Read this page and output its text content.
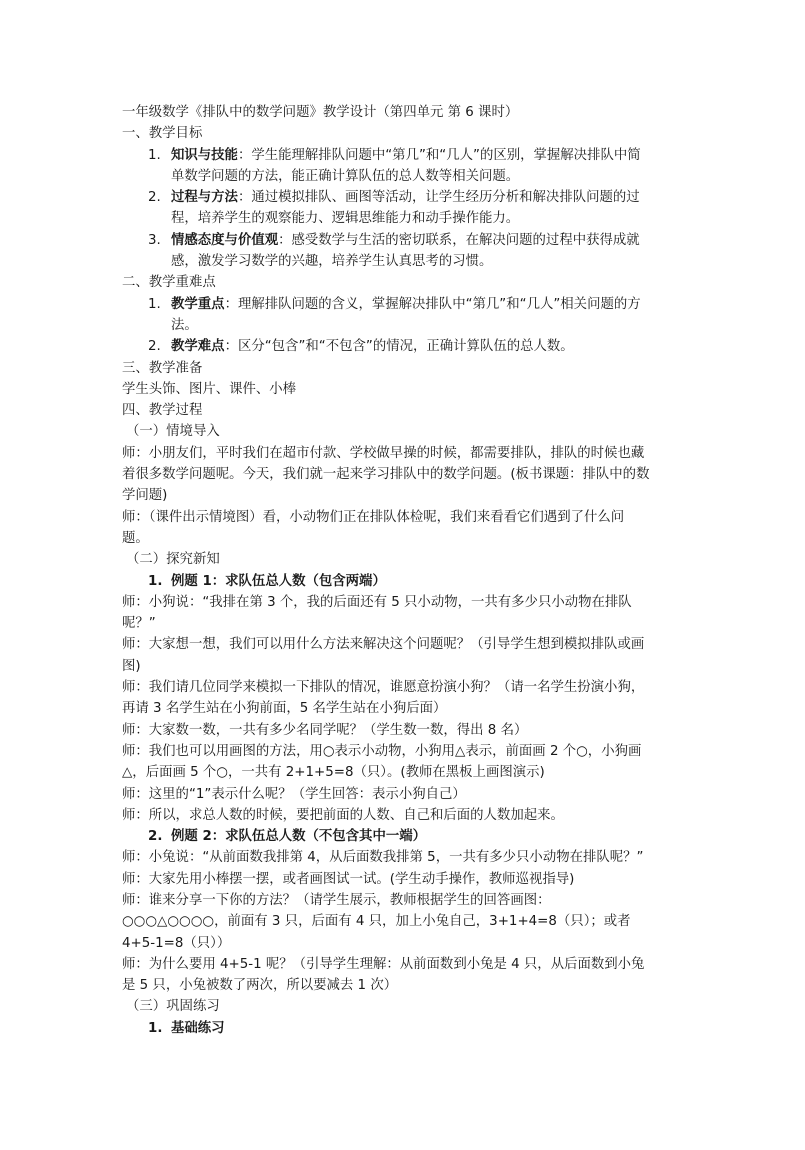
一年级数学《排队中的数学问题》教学设计（第四单元 第 6 课时）
一、教学目标
1. 知识与技能：学生能理解排队问题中“第几”和“几人”的区别，掌握解决排队中简
单数学问题的方法，能正确计算队伍的总人数等相关问题。
2. 过程与方法：通过模拟排队、画图等活动，让学生经历分析和解决排队问题的过
程，培养学生的观察能力、逻辑思维能力和动手操作能力。
3. 情感态度与价值观：感受数学与生活的密切联系，在解决问题的过程中获得成就
感，激发学习数学的兴趣，培养学生认真思考的习惯。
二、教学重难点
1. 教学重点：理解排队问题的含义，掌握解决排队中“第几”和“几人”相关问题的方
法。
2. 教学难点：区分“包含”和“不包含”的情况，正确计算队伍的总人数。
三、教学准备
学生头饰、图片、课件、小棒
四、教学过程
（一）情境导入
师：小朋友们，平时我们在超市付款、学校做早操的时候，都需要排队，排队的时候也藏
着很多数学问题呢。今天，我们就一起来学习排队中的数学问题。(板书课题：排队中的数
学问题)
师：（课件出示情境图）看，小动物们正在排队体检呢，我们来看看它们遇到了什么问
题。
（二）探究新知
1. 例题 1：求队伍总人数（包含两端）
师：小狗说：“我排在第 3 个，我的后面还有 5 只小动物，一共有多少只小动物在排队
呢？”
师：大家想一想，我们可以用什么方法来解决这个问题呢？（引导学生想到模拟排队或画
图)
师：我们请几位同学来模拟一下排队的情况，谁愿意扮演小狗？（请一名学生扮演小狗，
再请 3 名学生站在小狗前面，5 名学生站在小狗后面）
师：大家数一数，一共有多少名同学呢？（学生数一数，得出 8 名）
师：我们也可以用画图的方法，用○表示小动物，小狗用△表示，前面画 2 个○，小狗画
△，后面画 5 个○，一共有 2+1+5=8（只）。(教师在黑板上画图演示)
师：这里的“1”表示什么呢？（学生回答：表示小狗自己）
师：所以，求总人数的时候，要把前面的人数、自己和后面的人数加起来。
2. 例题 2：求队伍总人数（不包含其中一端）
师：小兔说：“从前面数我排第 4，从后面数我排第 5，一共有多少只小动物在排队呢？”
师：大家先用小棒摆一摆，或者画图试一试。(学生动手操作，教师巡视指导)
师：谁来分享一下你的方法？（请学生展示，教师根据学生的回答画图：
○○○△○○○○，前面有 3 只，后面有 4 只，加上小兔自己，3+1+4=8（只）；或者
4+5-1=8（只））
师：为什么要用 4+5-1 呢？（引导学生理解：从前面数到小兔是 4 只，从后面数到小兔
是 5 只，小兔被数了两次，所以要减去 1 次）
（三）巩固练习
1. 基础练习
